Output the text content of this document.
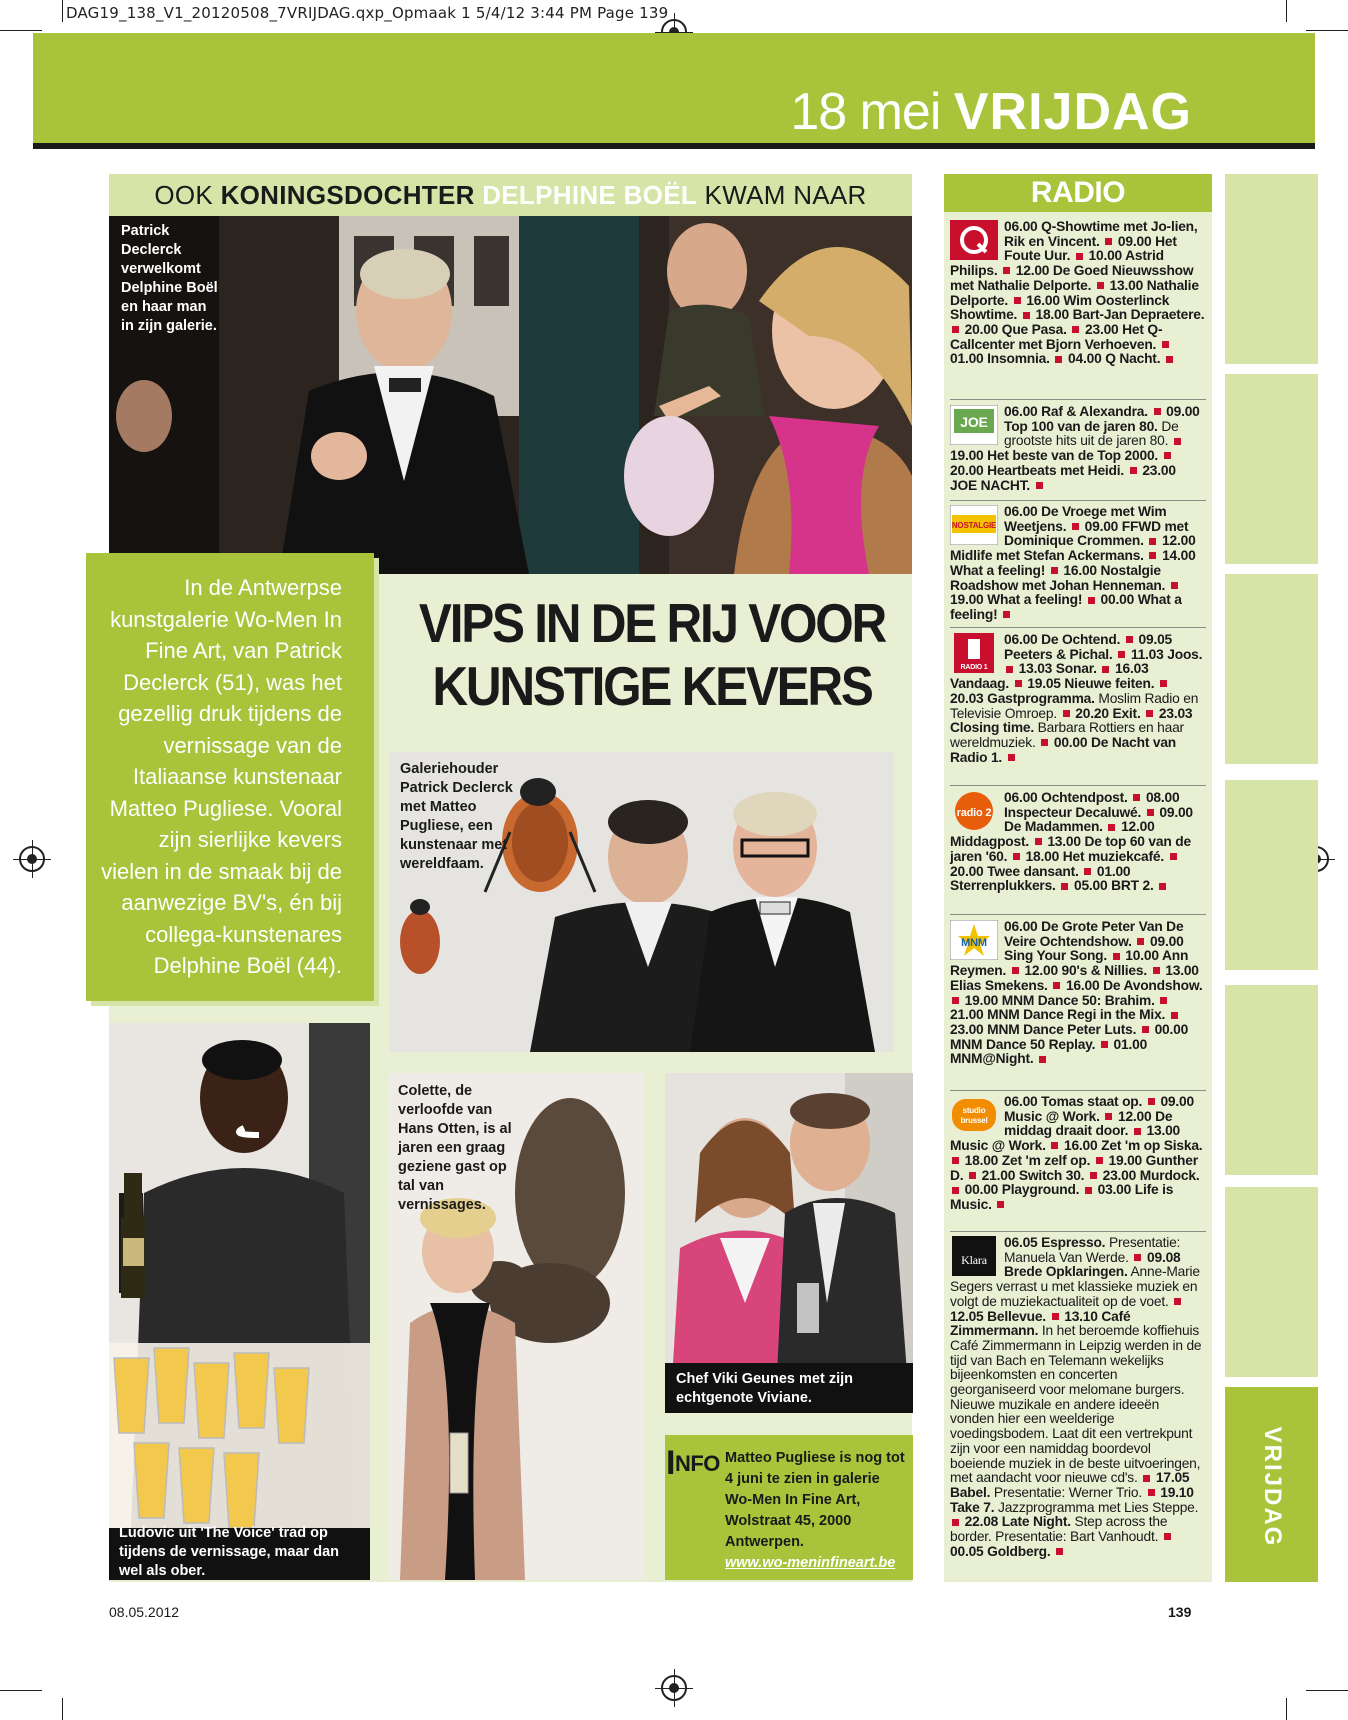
DAG19_138_V1_20120508_7VRIJDAG.qxp_Opmaak 1 5/4/12 3:44 PM Page 139
18 mei VRIJDAG
OOK KONINGSDOCHTER DELPHINE BOËL KWAM NAAR
Patrick Declerck verwelkomt Delphine Boël en haar man in zijn galerie.
In de Antwerpse kunstgalerie Wo-Men In Fine Art, van Patrick Declerck (51), was het gezellig druk tijdens de vernissage van de Italiaanse kunstenaar Matteo Pugliese. Vooral zijn sierlijke kevers vielen in de smaak bij de aanwezige BV's, én bij collega-kunstenares Delphine Boël (44).
VIPS IN DE RIJ VOOR
KUNSTIGE KEVERS
Galeriehouder Patrick Declerck met Matteo Pugliese, een kunstenaar met wereldfaam.
Ludovic uit 'The Voice' trad op tijdens de vernissage, maar dan wel als ober.
Colette, de verloofde van Hans Otten, is al jaren een graag geziene gast op tal van vernissages.
Chef Viki Geunes met zijn echtgenote Viviane.
INFO Matteo Pugliese is nog tot 4 juni te zien in galerie Wo-Men In Fine Art, Wolstraat 45, 2000 Antwerpen.
www.wo-meninfineart.be
RADIO
06.00 Q-Showtime met Jo-lien, Rik en Vincent.  09.00 Het Foute Uur.  10.00 Astrid Philips.  12.00 De Goed Nieuwsshow met Nathalie Delporte.  13.00 Nathalie Delporte.  16.00 Wim Oosterlinck Showtime.  18.00 Bart-Jan Depraetere.  20.00 Que Pasa.  23.00 Het Q-Callcenter met Bjorn Verhoeven.  01.00 Insomnia.  04.00 Q Nacht.
JOE
06.00 Raf & Alexandra.  09.00 Top 100 van de jaren 80. De grootste hits uit de jaren 80.  19.00 Het beste van de Top 2000.  20.00 Heartbeats met Heidi.  23.00 JOE NACHT.
NOSTALGIE
06.00 De Vroege met Wim Weetjens.  09.00 FFWD met Dominique Crommen.  12.00 Midlife met Stefan Ackermans.  14.00 What a feeling!  16.00 Nostalgie Roadshow met Johan Henneman.  19.00 What a feeling!  00.00 What a feeling!
RADIO 1
06.00 De Ochtend.  09.05 Peeters & Pichal.  11.03 Joos.  13.03 Sonar.  16.03 Vandaag.  19.05 Nieuwe feiten.  20.03 Gastprogramma. Moslim Radio en Televisie Omroep.  20.20 Exit.  23.03 Closing time. Barbara Rottiers en haar wereldmuziek.  00.00 De Nacht van Radio 1.
radio 2
06.00 Ochtendpost.  08.00 Inspecteur Decaluwé.  09.00 De Madammen.  12.00 Middagpost.  13.00 De top 60 van de jaren '60.  18.00 Het muziekcafé.  20.00 Twee dansant.  01.00 Sterrenplukkers.  05.00 BRT 2.
MNM
06.00 De Grote Peter Van De Veire Ochtendshow.  09.00 Sing Your Song.  10.00 Ann Reymen.  12.00 90's & Nillies.  13.00 Elias Smekens.  16.00 De Avondshow.  19.00 MNM Dance 50: Brahim.  21.00 MNM Dance Regi in the Mix.  23.00 MNM Dance Peter Luts.  00.00 MNM Dance 50 Replay.  01.00 MNM@Night.
studio
brussel
06.00 Tomas staat op.  09.00 Music @ Work.  12.00 De middag draait door.  13.00 Music @ Work.  16.00 Zet 'm op Siska.  18.00 Zet 'm zelf op.  19.00 Gunther D.  21.00 Switch 30.  23.00 Murdock.  00.00 Playground.  03.00 Life is Music.
Klara
06.05 Espresso. Presentatie: Manuela Van Werde.  09.08 Brede Opklaringen. Anne-Marie Segers verrast u met klassieke muziek en volgt de muziekactualiteit op de voet.  12.05 Bellevue.  13.10 Café Zimmermann. In het beroemde koffiehuis Café Zimmermann in Leipzig werden in de tijd van Bach en Telemann wekelijks bijeenkomsten en concerten georganiseerd voor melomane burgers. Nieuwe muzikale en andere ideeën vonden hier een weelderige voedingsbodem. Laat dit een vertrekpunt zijn voor een namiddag boordevol boeiende muziek in de beste uitvoeringen, met aandacht voor nieuwe cd's.  17.05 Babel. Presentatie: Werner Trio.  19.10 Take 7. Jazzprogramma met Lies Steppe.  22.08 Late Night. Step across the border. Presentatie: Bart Vanhoudt.  00.05 Goldberg.
VRIJDAG
08.05.2012	139
